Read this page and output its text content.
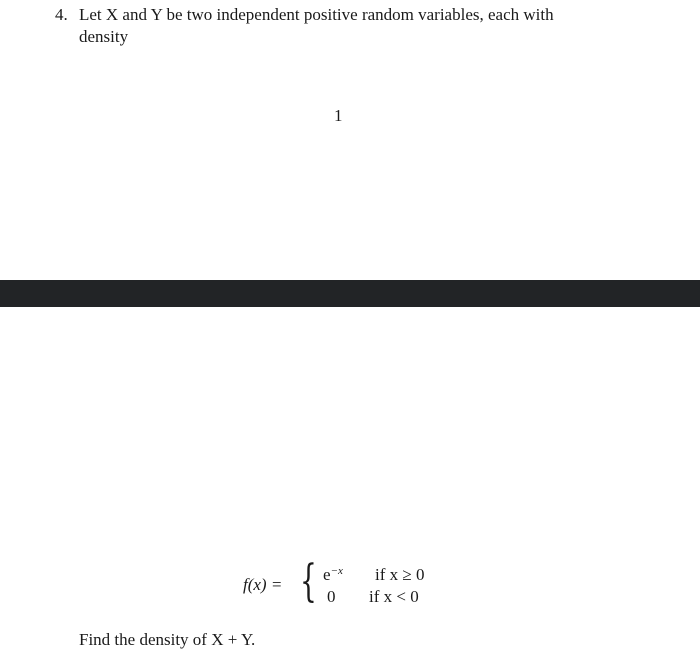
4. Let X and Y be two independent positive random variables, each with
density
1
f(x) = { $e^{-x}$ if x ≥ 0
0 if x < 0
Find the density of X + Y.
